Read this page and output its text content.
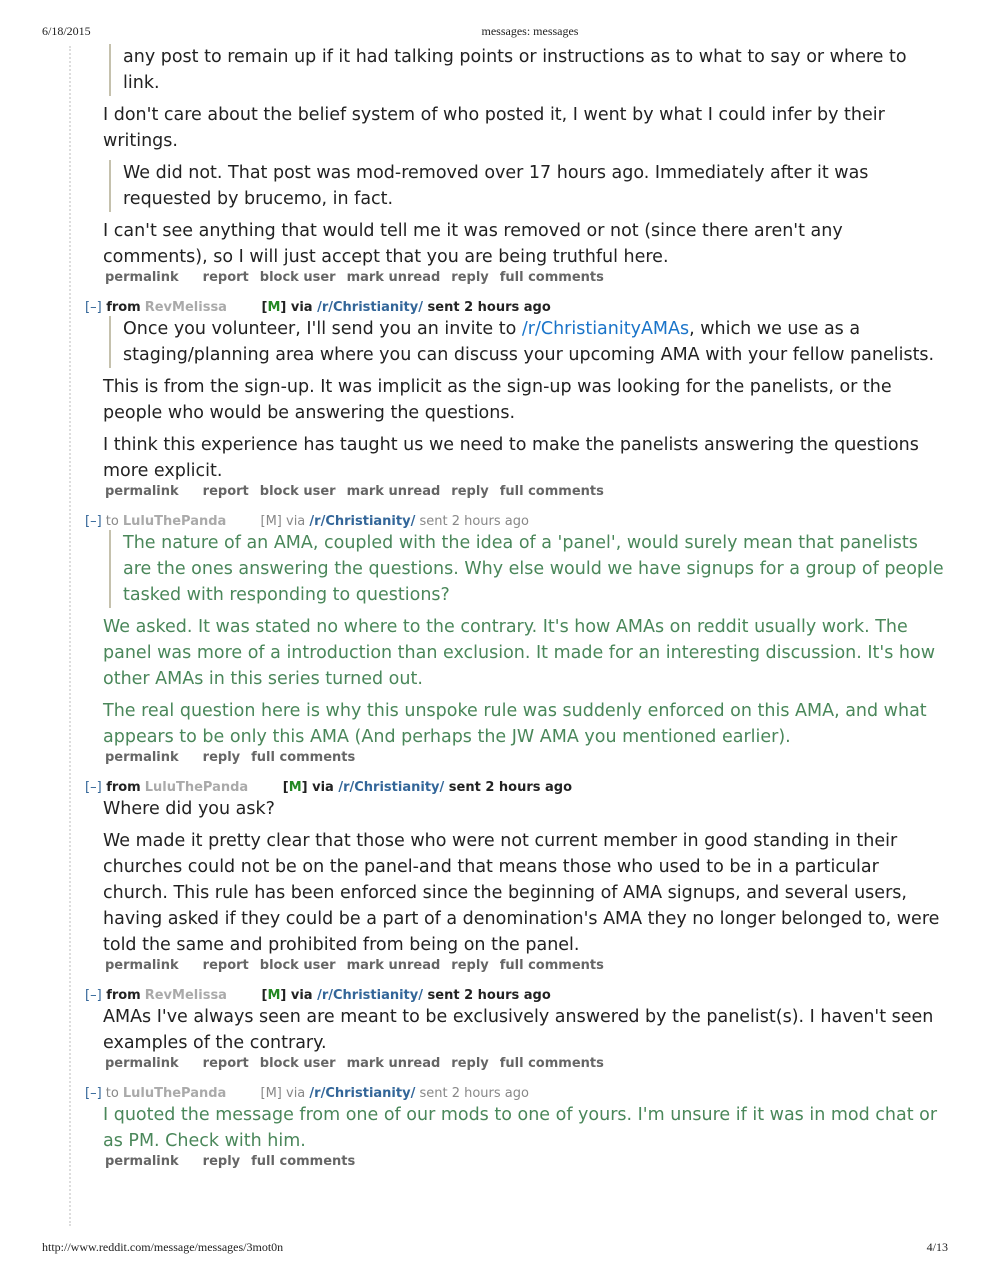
6/18/2015	messages: messages
any post to remain up if it had talking points or instructions as to what to say or where to link.

I don't care about the belief system of who posted it, I went by what I could infer by their writings.

We did not. That post was mod-removed over 17 hours ago. Immediately after it was requested by brucemo, in fact.

I can't see anything that would tell me it was removed or not (since there aren't any comments), so I will just accept that you are being truthful here.

permalink report block user mark unread reply full comments
[–] from RevMelissa	[M] via /r/Christianity/ sent 2 hours ago
Once you volunteer, I'll send you an invite to /r/ChristianityAMAs, which we use as a staging/planning area where you can discuss your upcoming AMA with your fellow panelists.

This is from the sign-up. It was implicit as the sign-up was looking for the panelists, or the people who would be answering the questions.

I think this experience has taught us we need to make the panelists answering the questions more explicit.

permalink report block user mark unread reply full comments
[–] to LuluThePanda	[M] via /r/Christianity/ sent 2 hours ago
The nature of an AMA, coupled with the idea of a 'panel', would surely mean that panelists are the ones answering the questions. Why else would we have signups for a group of people tasked with responding to questions?

We asked. It was stated no where to the contrary. It's how AMAs on reddit usually work. The panel was more of a introduction than exclusion. It made for an interesting discussion. It's how other AMAs in this series turned out.

The real question here is why this unspoke rule was suddenly enforced on this AMA, and what appears to be only this AMA (And perhaps the JW AMA you mentioned earlier).

permalink reply full comments
[–] from LuluThePanda	[M] via /r/Christianity/ sent 2 hours ago

Where did you ask?

We made it pretty clear that those who were not current member in good standing in their churches could not be on the panel-and that means those who used to be in a particular church. This rule has been enforced since the beginning of AMA signups, and several users, having asked if they could be a part of a denomination's AMA they no longer belonged to, were told the same and prohibited from being on the panel.

permalink report block user mark unread reply full comments
[–] from RevMelissa	[M] via /r/Christianity/ sent 2 hours ago

AMAs I've always seen are meant to be exclusively answered by the panelist(s). I haven't seen examples of the contrary.

permalink report block user mark unread reply full comments
[–] to LuluThePanda	[M] via /r/Christianity/ sent 2 hours ago

I quoted the message from one of our mods to one of yours. I'm unsure if it was in mod chat or as PM. Check with him.

permalink reply full comments
http://www.reddit.com/message/messages/3mot0n	4/13
